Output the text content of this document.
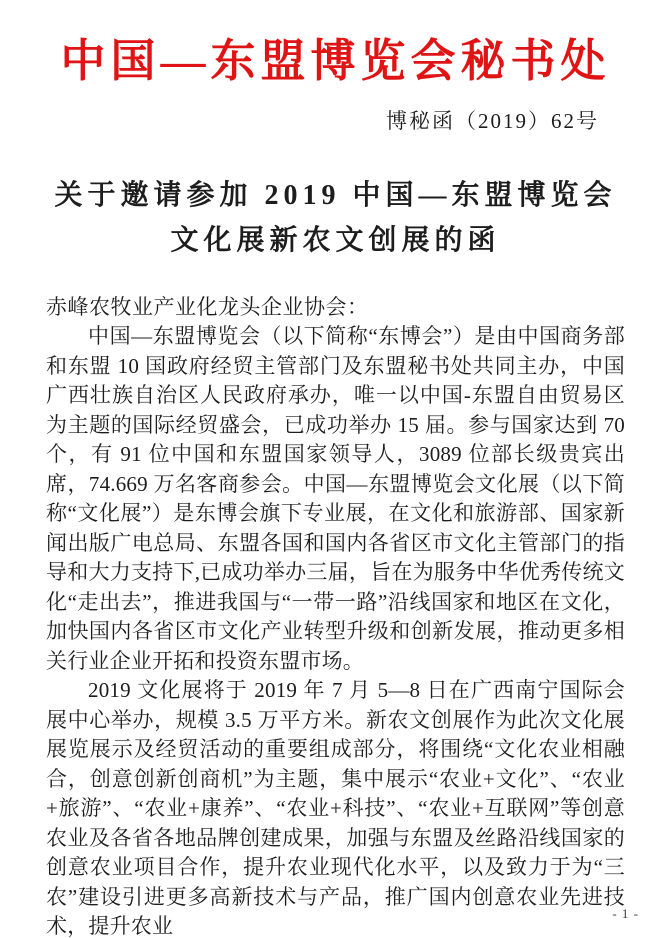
中国—东盟博览会秘书处
博秘函（2019）62号
关于邀请参加 2019 中国—东盟博览会
文化展新农文创展的函
赤峰农牧业产业化龙头企业协会：

中国—东盟博览会（以下简称“东博会”）是由中国商务部和东盟 10 国政府经贸主管部门及东盟秘书处共同主办，中国广西壮族自治区人民政府承办，唯一以中国-东盟自由贸易区为主题的国际经贸盛会，已成功举办 15 届。参与国家达到 70 个，有 91 位中国和东盟国家领导人，3089 位部长级贵宾出席，74.669 万名客商参会。中国—东盟博览会文化展（以下简称“文化展”）是东博会旗下专业展，在文化和旅游部、国家新闻出版广电总局、东盟各国和国内各省区市文化主管部门的指导和大力支持下,已成功举办三届，旨在为服务中华优秀传统文化“走出去”，推进我国与“一带一路”沿线国家和地区在文化，加快国内各省区市文化产业转型升级和创新发展，推动更多相关行业企业开拓和投资东盟市场。

2019 文化展将于 2019 年 7 月 5—8 日在广西南宁国际会展中心举办，规模 3.5 万平方米。新农文创展作为此次文化展展览展示及经贸活动的重要组成部分，将围绕“文化农业相融合，创意创新创商机”为主题，集中展示“农业+文化”、“农业+旅游”、“农业+康养”、“农业+科技”、“农业+互联网”等创意农业及各省各地品牌创建成果，加强与东盟及丝路沿线国家的创意农业项目合作，提升农业现代化水平，以及致力于为“三农”建设引进更多高新技术与产品，推广国内创意农业先进技术，提升农业

- 1 -
